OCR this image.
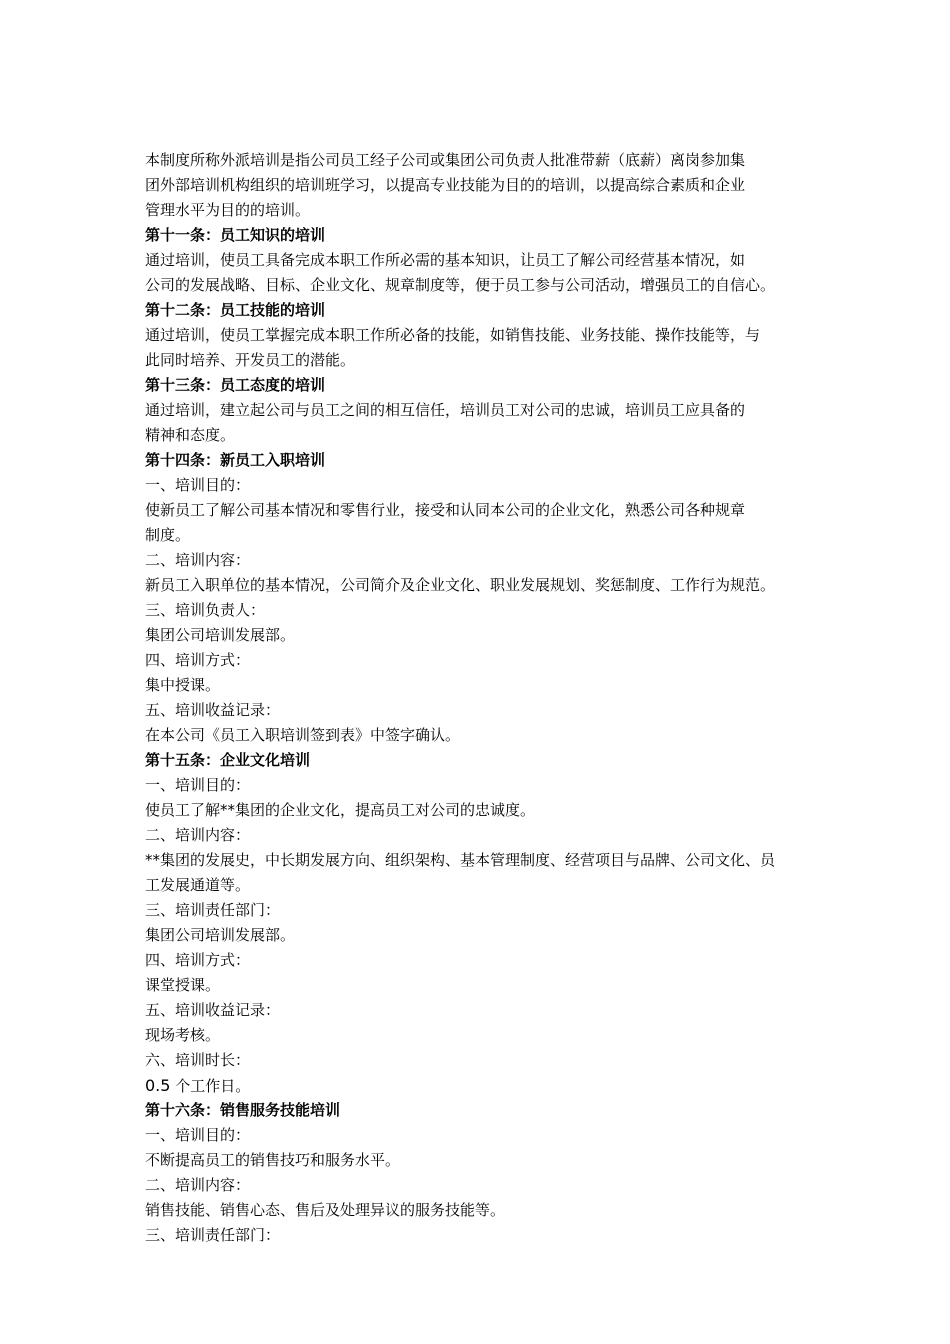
本制度所称外派培训是指公司员工经子公司或集团公司负责人批准带薪（底薪）离岗参加集

团外部培训机构组织的培训班学习，以提高专业技能为目的的培训，以提高综合素质和企业

管理水平为目的的培训。

第十一条：员工知识的培训

通过培训，使员工具备完成本职工作所必需的基本知识，让员工了解公司经营基本情况，如

公司的发展战略、目标、企业文化、规章制度等，便于员工参与公司活动，增强员工的自信心。

第十二条：员工技能的培训

通过培训，使员工掌握完成本职工作所必备的技能，如销售技能、业务技能、操作技能等，与

此同时培养、开发员工的潜能。

第十三条：员工态度的培训

通过培训，建立起公司与员工之间的相互信任，培训员工对公司的忠诚，培训员工应具备的

精神和态度。

第十四条：新员工入职培训

一、培训目的：

使新员工了解公司基本情况和零售行业，接受和认同本公司的企业文化，熟悉公司各种规章

制度。

二、培训内容：

新员工入职单位的基本情况，公司简介及企业文化、职业发展规划、奖惩制度、工作行为规范。

三、培训负责人：

集团公司培训发展部。

四、培训方式：

集中授课。

五、培训收益记录：

在本公司《员工入职培训签到表》中签字确认。

第十五条：企业文化培训

一、培训目的：

使员工了解**集团的企业文化，提高员工对公司的忠诚度。

二、培训内容：

**集团的发展史，中长期发展方向、组织架构、基本管理制度、经营项目与品牌、公司文化、员

工发展通道等。

三、培训责任部门：

集团公司培训发展部。

四、培训方式：

课堂授课。

五、培训收益记录：

现场考核。

六、培训时长：

0.5 个工作日。

第十六条：销售服务技能培训

一、培训目的：

不断提高员工的销售技巧和服务水平。

二、培训内容：

销售技能、销售心态、售后及处理异议的服务技能等。

三、培训责任部门：
